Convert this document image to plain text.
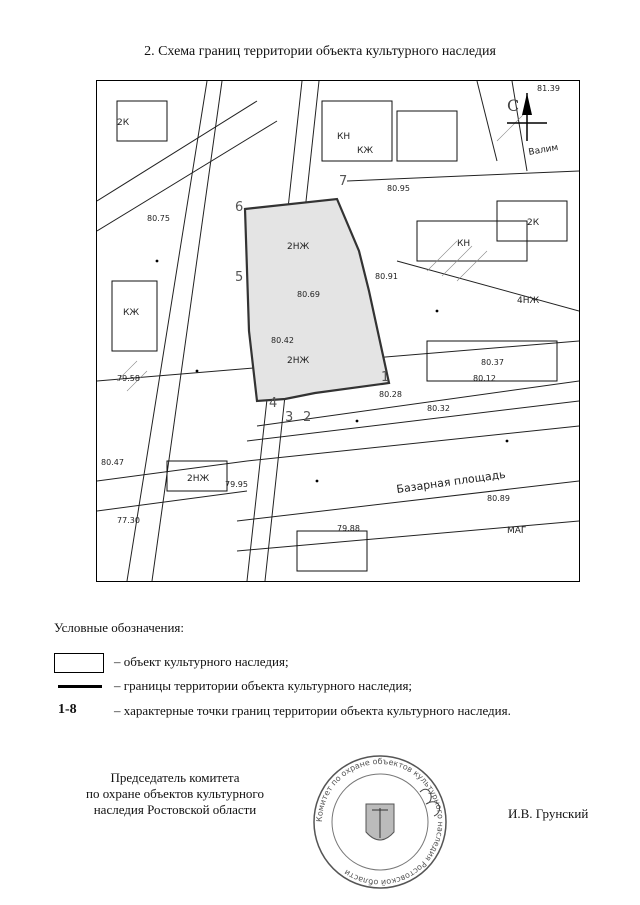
2. Схема границ территории объекта культурного наследия
1
2
3
4
5
6
7
С
Базарная площадь
Валим
2НЖ
2НЖ
КЖ
КН
4НЖ
2К
КЖ
КН
2НЖ
2К
МАГ
80.95
80.75
80.91
80.69
80.42
80.28
80.32
79.58
79.88
77.30
79.95
80.47
81.39
80.89
80.12
80.37
Условные обозначения:
– объект культурного наследия;
– границы территории объекта культурного наследия;
1-8	– характерные точки границ территории объекта культурного наследия.
Председатель комитета
по охране объектов культурного
наследия Ростовской области
Комитет по охране объектов культурного наследия Ростовской области
И.В. Грунский
